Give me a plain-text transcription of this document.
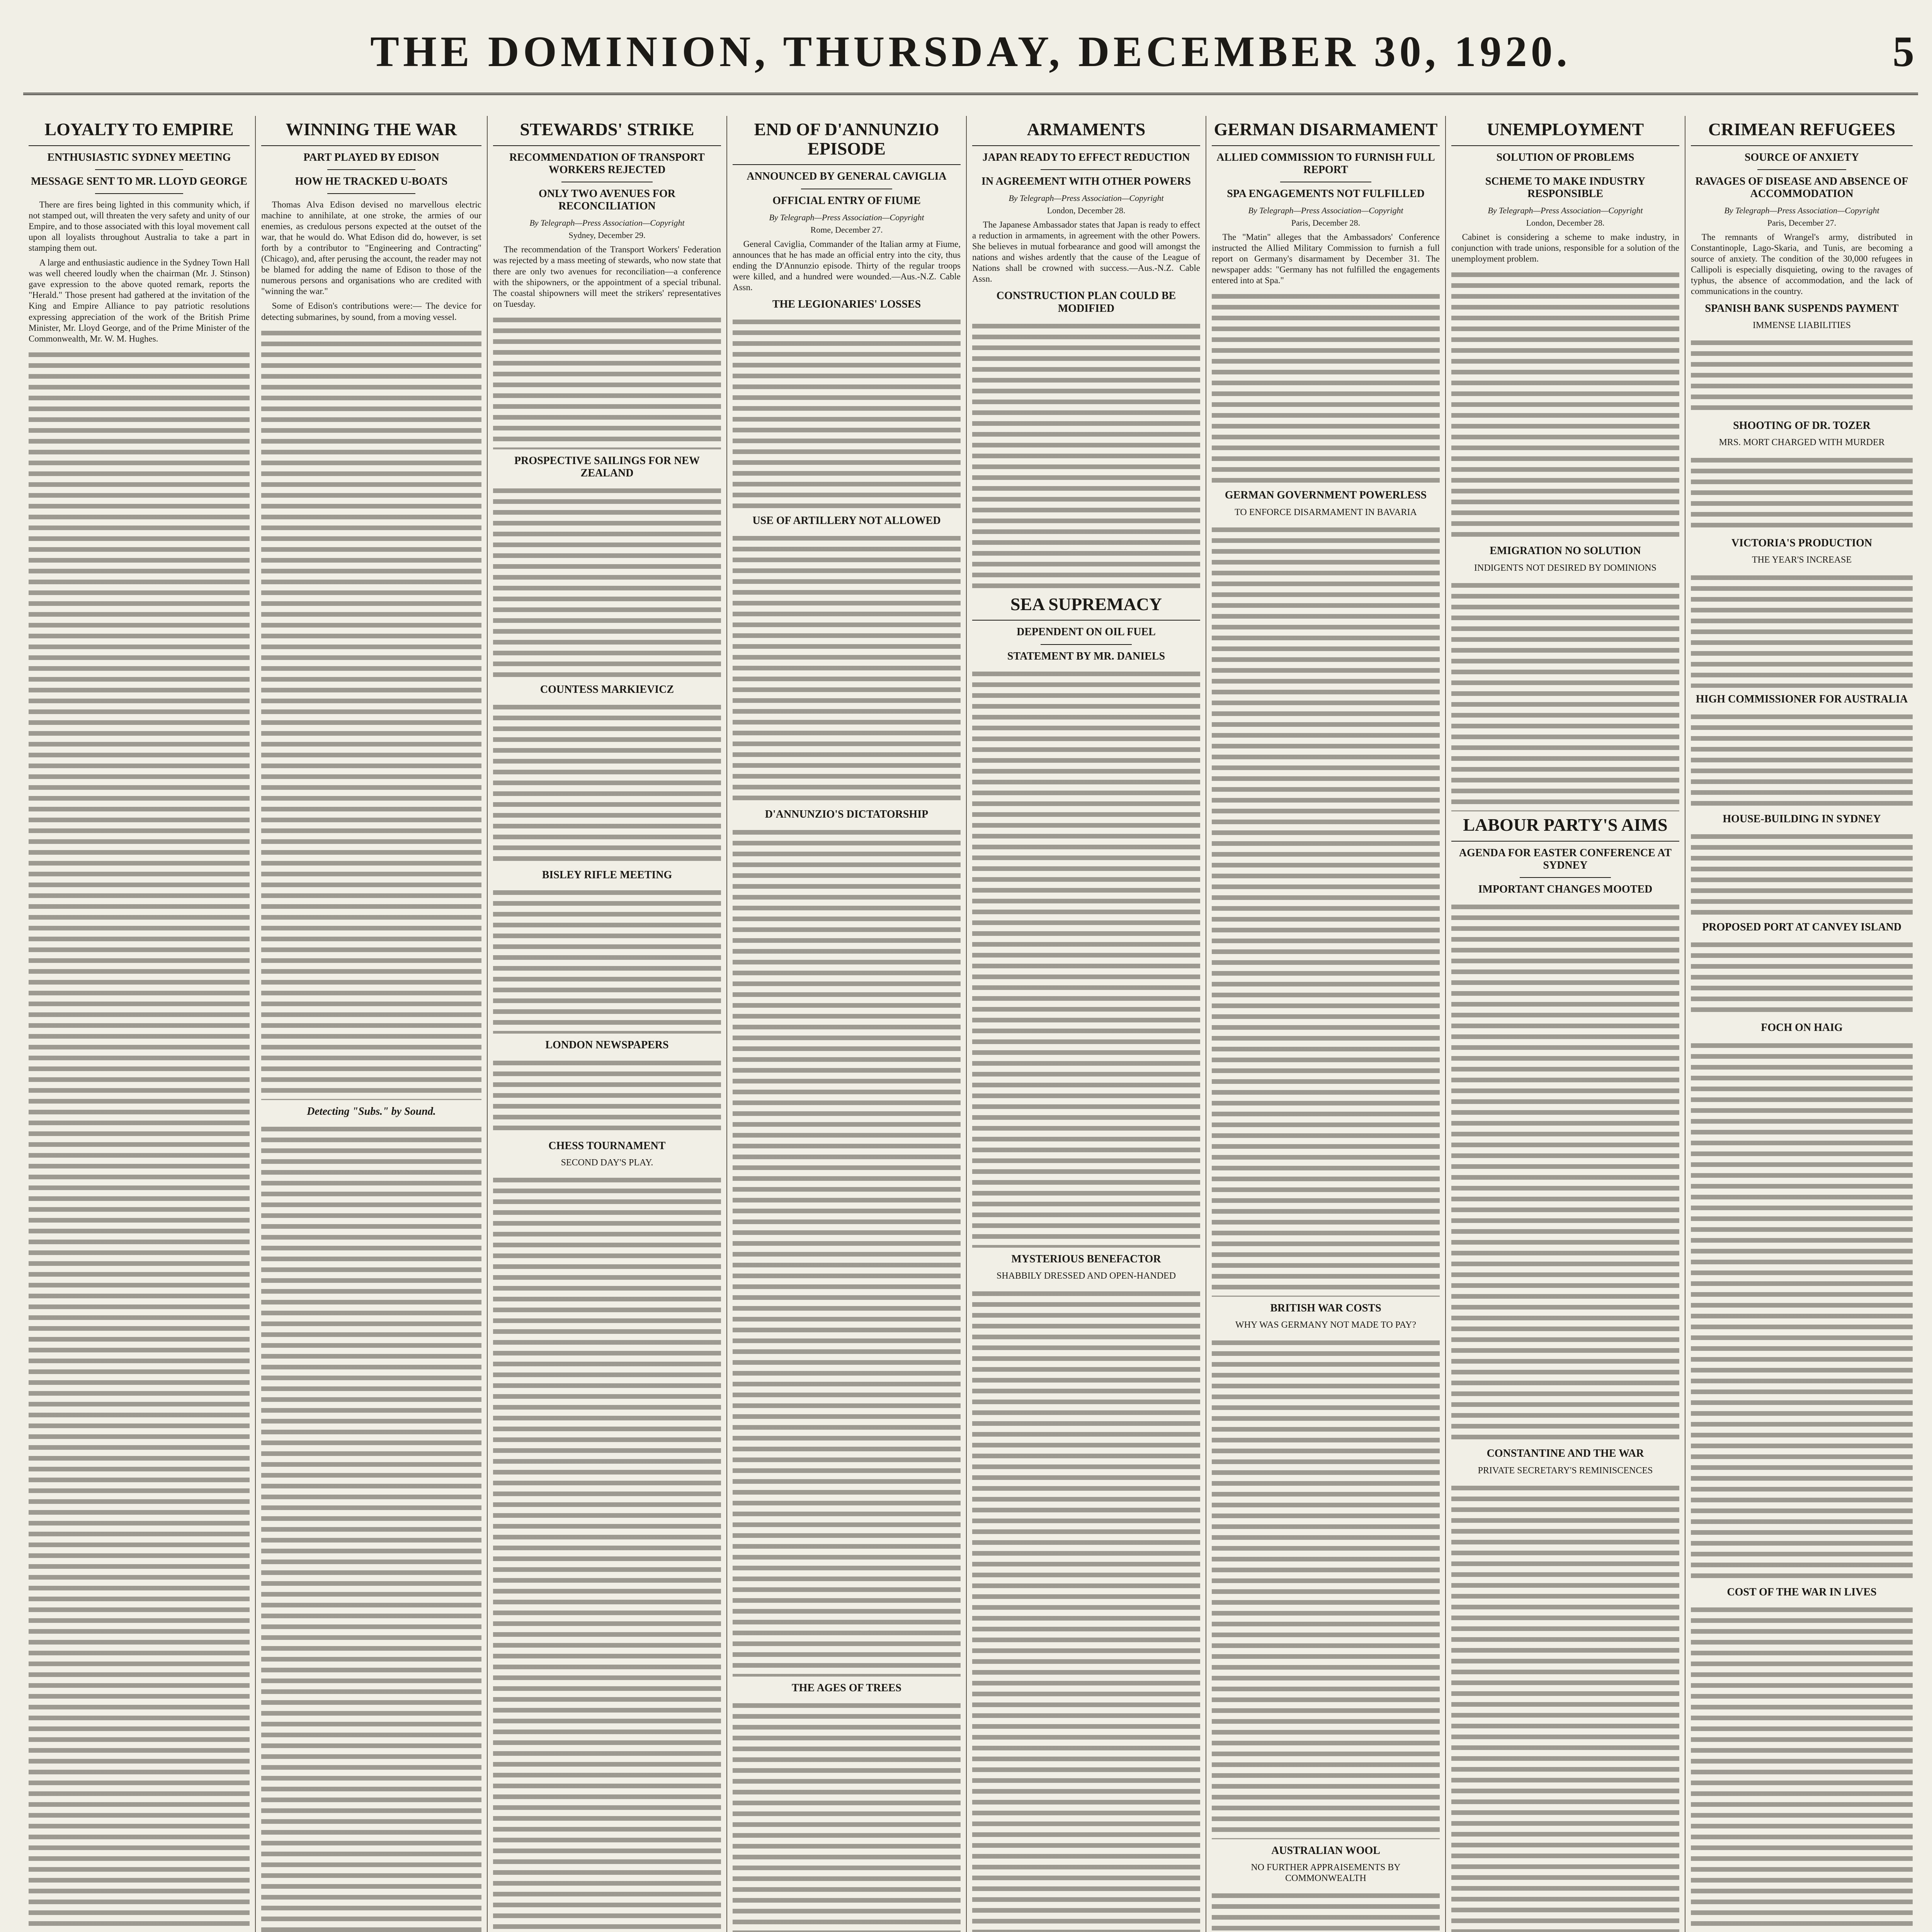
THE DOMINION, THURSDAY, DECEMBER 30, 1920.	5
LOYALTY TO EMPIRE
ENTHUSIASTIC SYDNEY MEETING
MESSAGE SENT TO MR. LLOYD GEORGE

There are fires being lighted in this community which, if not stamped out, will threaten the very safety and unity of our Empire, and to those associated with this loyal movement call upon all loyalists throughout Australia to take a part in stamping them out.

A large and enthusiastic audience in the Sydney Town Hall was well cheered loudly when the chairman (Mr. J. Stinson) gave expression to the above quoted remark, reports the "Herald." Those present had gathered at the invitation of the King and Empire Alliance to pay patriotic resolutions expressing appreciation of the work of the British Prime Minister, Mr. Lloyd George, and of the Prime Minister of the Commonwealth, Mr. W. M. Hughes.

WINNING THE WAR
PART PLAYED BY EDISON
HOW HE TRACKED U-BOATS

Thomas Alva Edison devised no marvellous electric machine to annihilate, at one stroke, the armies of our enemies, as credulous persons expected at the outset of the war, that he would do. What Edison did do, however, is set forth by a contributor to "Engineering and Contracting" (Chicago), and, after perusing the account, the reader may not be blamed for adding the name of Edison to those of the numerous persons and organisations who are credited with "winning the war."

Some of Edison's contributions were:— The device for detecting submarines, by sound, from a moving vessel.

Detecting "Subs." by Sound.
STEWARDS' STRIKE
RECOMMENDATION OF TRANSPORT WORKERS REJECTED
ONLY TWO AVENUES FOR RECONCILIATION
By Telegraph—Press Association—Copyright
Sydney, December 29.

The recommendation of the Transport Workers' Federation was rejected by a mass meeting of stewards, who now state that there are only two avenues for reconciliation—a conference with the shipowners, or the appointment of a special tribunal. The coastal shipowners will meet the strikers' representatives on Tuesday.

PROSPECTIVE SAILINGS FOR NEW ZEALAND
COUNTESS MARKIEVICZ
BISLEY RIFLE MEETING
LONDON NEWSPAPERS
CHESS TOURNAMENT
SECOND DAY'S PLAY.

END OF D'ANNUNZIO EPISODE
ANNOUNCED BY GENERAL CAVIGLIA
OFFICIAL ENTRY OF FIUME
By Telegraph—Press Association—Copyright
Rome, December 27.

General Caviglia, Commander of the Italian army at Fiume, announces that he has made an official entry into the city, thus ending the D'Annunzio episode. Thirty of the regular troops were killed, and a hundred were wounded.—Aus.-N.Z. Cable Assn.

THE LEGIONARIES' LOSSES
USE OF ARTILLERY NOT ALLOWED
D'ANNUNZIO'S DICTATORSHIP
THE AGES OF TREES
ARMAMENTS
JAPAN READY TO EFFECT REDUCTION
IN AGREEMENT WITH OTHER POWERS
By Telegraph—Press Association—Copyright
London, December 28.

The Japanese Ambassador states that Japan is ready to effect a reduction in armaments, in agreement with the other Powers. She believes in mutual forbearance and good will amongst the nations and wishes ardently that the cause of the League of Nations shall be crowned with success.—Aus.-N.Z. Cable Assn.

CONSTRUCTION PLAN COULD BE MODIFIED
SEA SUPREMACY
DEPENDENT ON OIL FUEL
STATEMENT BY MR. DANIELS
MYSTERIOUS BENEFACTOR
SHABBILY DRESSED AND OPEN-HANDED
GERMAN DISARMAMENT
ALLIED COMMISSION TO FURNISH FULL REPORT
SPA ENGAGEMENTS NOT FULFILLED
By Telegraph—Press Association—Copyright
Paris, December 28.

The "Matin" alleges that the Ambassadors' Conference instructed the Allied Military Commission to furnish a full report on Germany's disarmament by December 31. The newspaper adds: "Germany has not fulfilled the engagements entered into at Spa."

GERMAN GOVERNMENT POWERLESS
TO ENFORCE DISARMAMENT IN BAVARIA
BRITISH WAR COSTS
WHY WAS GERMANY NOT MADE TO PAY?
AUSTRALIAN WOOL
NO FURTHER APPRAISEMENTS BY COMMONWEALTH
UNEMPLOYMENT
SOLUTION OF PROBLEMS
SCHEME TO MAKE INDUSTRY RESPONSIBLE
By Telegraph—Press Association—Copyright
London, December 28.

Cabinet is considering a scheme to make industry, in conjunction with trade unions, responsible for a solution of the unemployment problem.

EMIGRATION NO SOLUTION
INDIGENTS NOT DESIRED BY DOMINIONS
LABOUR PARTY'S AIMS
AGENDA FOR EASTER CONFERENCE AT SYDNEY
IMPORTANT CHANGES MOOTED
CONSTANTINE AND THE WAR
PRIVATE SECRETARY'S REMINISCENCES
CRIMEAN REFUGEES
SOURCE OF ANXIETY
RAVAGES OF DISEASE AND ABSENCE OF ACCOMMODATION
By Telegraph—Press Association—Copyright
Paris, December 27.

The remnants of Wrangel's army, distributed in Constantinople, Lago-Skaria, and Tunis, are becoming a source of anxiety. The condition of the 30,000 refugees in Callipoli is especially disquieting, owing to the ravages of typhus, the absence of accommodation, and the lack of communications in the country.

SPANISH BANK SUSPENDS PAYMENT
IMMENSE LIABILITIES
SHOOTING OF DR. TOZER
MRS. MORT CHARGED WITH MURDER
VICTORIA'S PRODUCTION
THE YEAR'S INCREASE
HIGH COMMISSIONER FOR AUSTRALIA
HOUSE-BUILDING IN SYDNEY
PROPOSED PORT AT CANVEY ISLAND
FOCH ON HAIG
COST OF THE WAR IN LIVES
